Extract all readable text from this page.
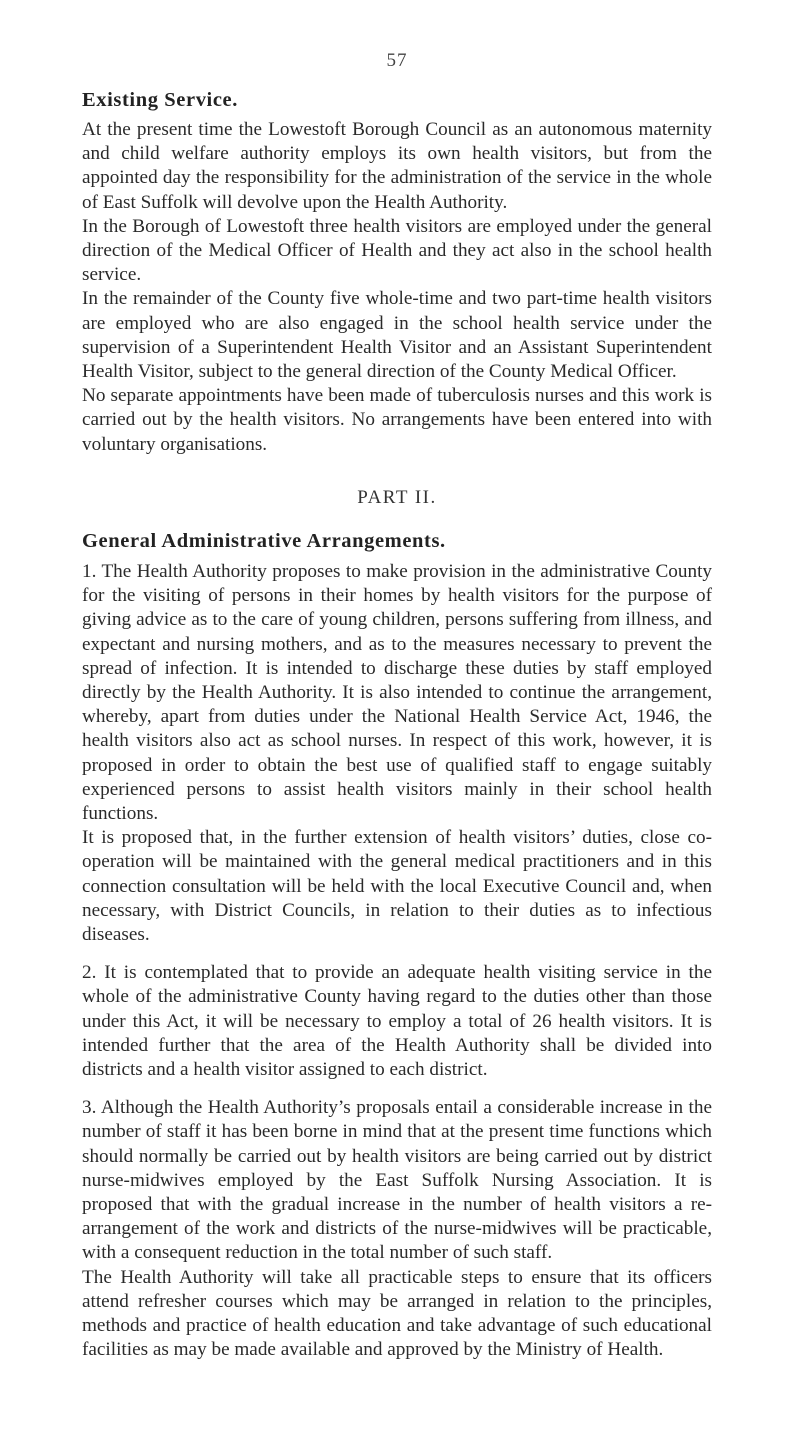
57
Existing Service.

At the present time the Lowestoft Borough Council as an autonomous maternity and child welfare authority employs its own health visitors, but from the appointed day the responsibility for the administration of the service in the whole of East Suffolk will devolve upon the Health Authority.

In the Borough of Lowestoft three health visitors are employed under the general direction of the Medical Officer of Health and they act also in the school health service.

In the remainder of the County five whole-time and two part-time health visitors are employed who are also engaged in the school health service under the supervision of a Superintendent Health Visitor and an Assistant Superintendent Health Visitor, subject to the general direction of the County Medical Officer.

No separate appointments have been made of tuberculosis nurses and this work is carried out by the health visitors. No arrangements have been entered into with voluntary organisations.

PART II.
General Administrative Arrangements.

1. The Health Authority proposes to make provision in the administrative County for the visiting of persons in their homes by health visitors for the purpose of giving advice as to the care of young children, persons suffering from illness, and expectant and nursing mothers, and as to the measures necessary to prevent the spread of infection. It is intended to discharge these duties by staff employed directly by the Health Authority. It is also intended to continue the arrangement, whereby, apart from duties under the National Health Service Act, 1946, the health visitors also act as school nurses. In respect of this work, however, it is proposed in order to obtain the best use of qualified staff to engage suitably experienced persons to assist health visitors mainly in their school health functions.

It is proposed that, in the further extension of health visitors’ duties, close co-operation will be maintained with the general medical practitioners and in this connection consultation will be held with the local Executive Council and, when necessary, with District Councils, in relation to their duties as to infectious diseases.

2. It is contemplated that to provide an adequate health visiting service in the whole of the administrative County having regard to the duties other than those under this Act, it will be necessary to employ a total of 26 health visitors. It is intended further that the area of the Health Authority shall be divided into districts and a health visitor assigned to each district.

3. Although the Health Authority’s proposals entail a considerable increase in the number of staff it has been borne in mind that at the present time functions which should normally be carried out by health visitors are being carried out by district nurse-midwives employed by the East Suffolk Nursing Association. It is proposed that with the gradual increase in the number of health visitors a re-arrangement of the work and districts of the nurse-midwives will be practicable, with a consequent reduction in the total number of such staff.

The Health Authority will take all practicable steps to ensure that its officers attend refresher courses which may be arranged in relation to the principles, methods and practice of health education and take advantage of such educational facilities as may be made available and approved by the Ministry of Health.
